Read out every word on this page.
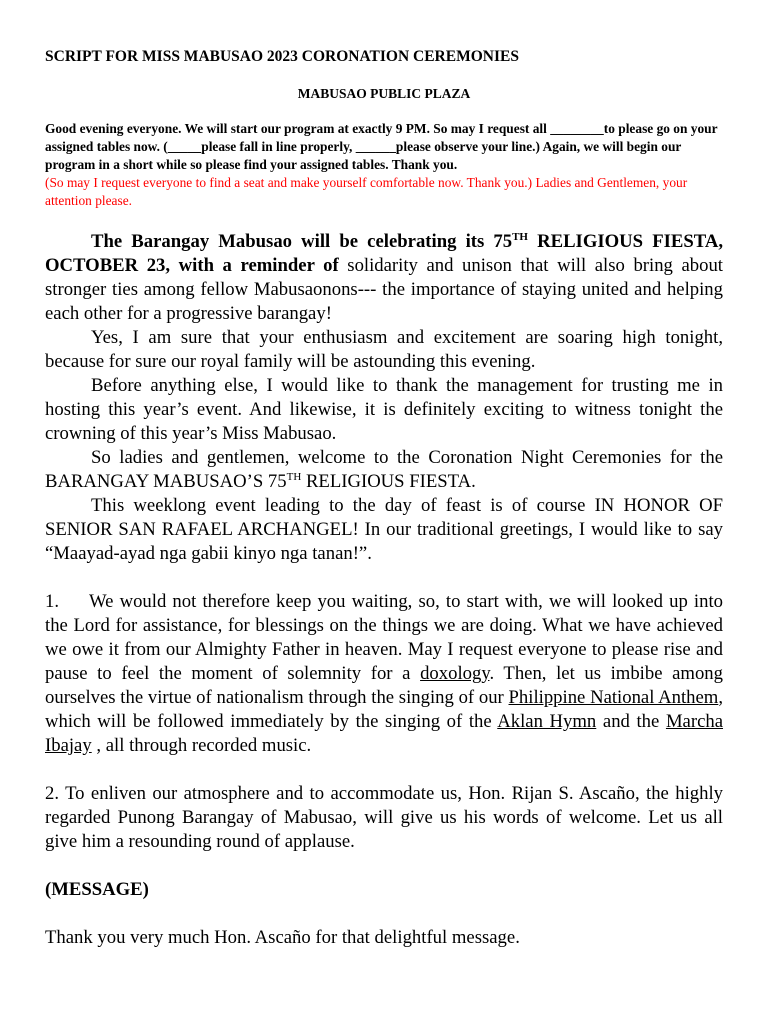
SCRIPT FOR MISS MABUSAO 2023 CORONATION CEREMONIES
MABUSAO PUBLIC PLAZA
Good evening everyone. We will start our program at exactly 9 PM. So may I request all ________to please go on your assigned tables now. (_____please fall in line properly, ______please observe your line.) Again, we will begin our program in a short while so please find your assigned tables. Thank you.
(So may I request everyone to find a seat and make yourself comfortable now. Thank you.) Ladies and Gentlemen, your attention please.

The Barangay Mabusao will be celebrating its 75TH RELIGIOUS FIESTA, OCTOBER 23, with a reminder of solidarity and unison that will also bring about stronger ties among fellow Mabusaonons--- the importance of staying united and helping each other for a progressive barangay!

Yes, I am sure that your enthusiasm and excitement are soaring high tonight, because for sure our royal family will be astounding this evening.

Before anything else, I would like to thank the management for trusting me in hosting this year’s event. And likewise, it is definitely exciting to witness tonight the crowning of this year’s Miss Mabusao.

So ladies and gentlemen, welcome to the Coronation Night Ceremonies for the BARANGAY MABUSAO’S 75TH RELIGIOUS FIESTA.

This weeklong event leading to the day of feast is of course IN HONOR OF SENIOR SAN RAFAEL ARCHANGEL! In our traditional greetings, I would like to say “Maayad-ayad nga gabii kinyo nga tanan!”.

1. We would not therefore keep you waiting, so, to start with, we will looked up into the Lord for assistance, for blessings on the things we are doing. What we have achieved we owe it from our Almighty Father in heaven. May I request everyone to please rise and pause to feel the moment of solemnity for a doxology. Then, let us imbibe among ourselves the virtue of nationalism through the singing of our Philippine National Anthem, which will be followed immediately by the singing of the Aklan Hymn and the Marcha Ibajay , all through recorded music.

2. To enliven our atmosphere and to accommodate us, Hon. Rijan S. Ascaño, the highly regarded Punong Barangay of Mabusao, will give us his words of welcome. Let us all give him a resounding round of applause.

(MESSAGE)

Thank you very much Hon. Ascaño for that delightful message.
